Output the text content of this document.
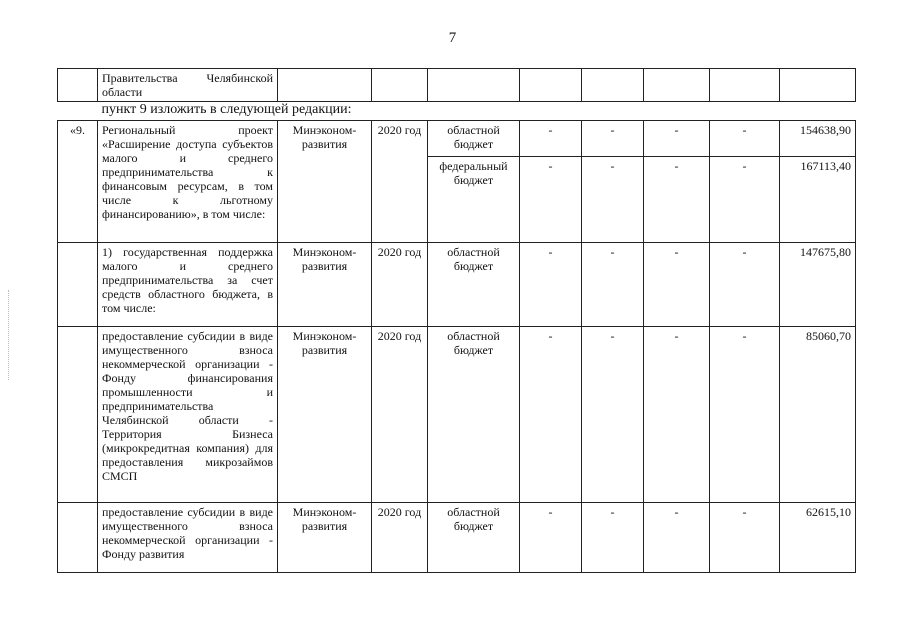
7
	Правительства Челябинской области								
пункт 9 изложить в следующей редакции:									
«9.	Региональный проект «Расширение доступа субъектов малого и среднего предпринимательства к финансовым ресурсам, в том числе к льготному финансированию», в том числе:	Минэконом-развития	2020 год	областной бюджет	-	-	-	-	154638,90
				федеральный бюджет	-	-	-	-	167113,40
	1) государственная поддержка малого и среднего предпринимательства за счет средств областного бюджета, в том числе:	Минэконом-развития	2020 год	областной бюджет	-	-	-	-	147675,80
	предоставление субсидии в виде имущественного взноса некоммерческой организации - Фонду финансирования промышленности и предпринимательства Челябинской области - Территория Бизнеса (микрокредитная компания) для предоставления микрозаймов СМСП	Минэконом-развития	2020 год	областной бюджет	-	-	-	-	85060,70
	предоставление субсидии в виде имущественного взноса некоммерческой организации - Фонду развития	Минэконом-развития	2020 год	областной бюджет	-	-	-	-	62615,10
